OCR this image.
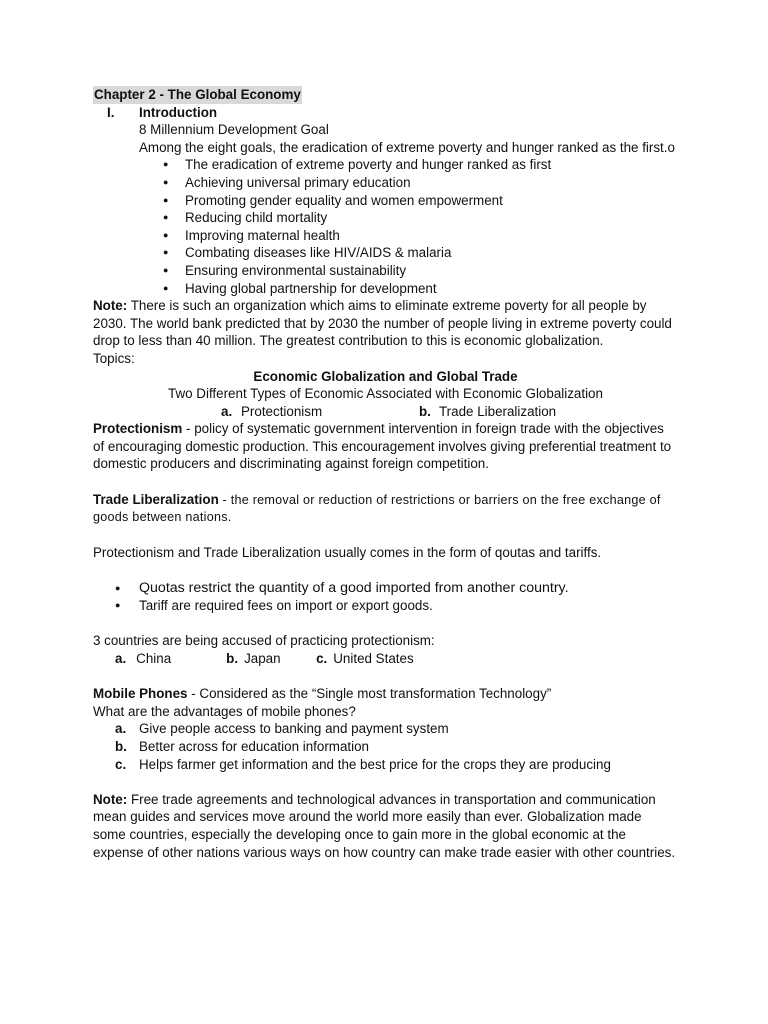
Chapter 2 - The Global Economy

I.	Introduction

8 Millennium Development Goal

Among the eight goals, the eradication of extreme poverty and hunger ranked as the first.o

● The eradication of extreme poverty and hunger ranked as first
● Achieving universal primary education
● Promoting gender equality and women empowerment
● Reducing child mortality
● Improving maternal health
● Combating diseases like HIV/AIDS & malaria
● Ensuring environmental sustainability
● Having global partnership for development

Note: There is such an organization which aims to eliminate extreme poverty for all people by 2030. The world bank predicted that by 2030 the number of people living in extreme poverty could drop to less than 40 million. The greatest contribution to this is economic globalization.

Topics:

Economic Globalization and Global Trade

Two Different Types of Economic Associated with Economic Globalization

a. Protectionism	b. Trade Liberalization

Protectionism - policy of systematic government intervention in foreign trade with the objectives of encouraging domestic production. This encouragement involves giving preferential treatment to domestic producers and discriminating against foreign competition.

Trade Liberalization - the removal or reduction of restrictions or barriers on the free exchange of goods between nations.

Protectionism and Trade Liberalization usually comes in the form of qoutas and tariffs.

● Quotas restrict the quantity of a good imported from another country.
● Tariff are required fees on import or export goods.

3 countries are being accused of practicing protectionism:

a. China	b. Japan	c. United States

Mobile Phones - Considered as the “Single most transformation Technology”

What are the advantages of mobile phones?

a. Give people access to banking and payment system
b. Better across for education information
c. Helps farmer get information and the best price for the crops they are producing

Note: Free trade agreements and technological advances in transportation and communication mean guides and services move around the world more easily than ever. Globalization made some countries, especially the developing once to gain more in the global economic at the expense of other nations various ways on how country can make trade easier with other countries.
